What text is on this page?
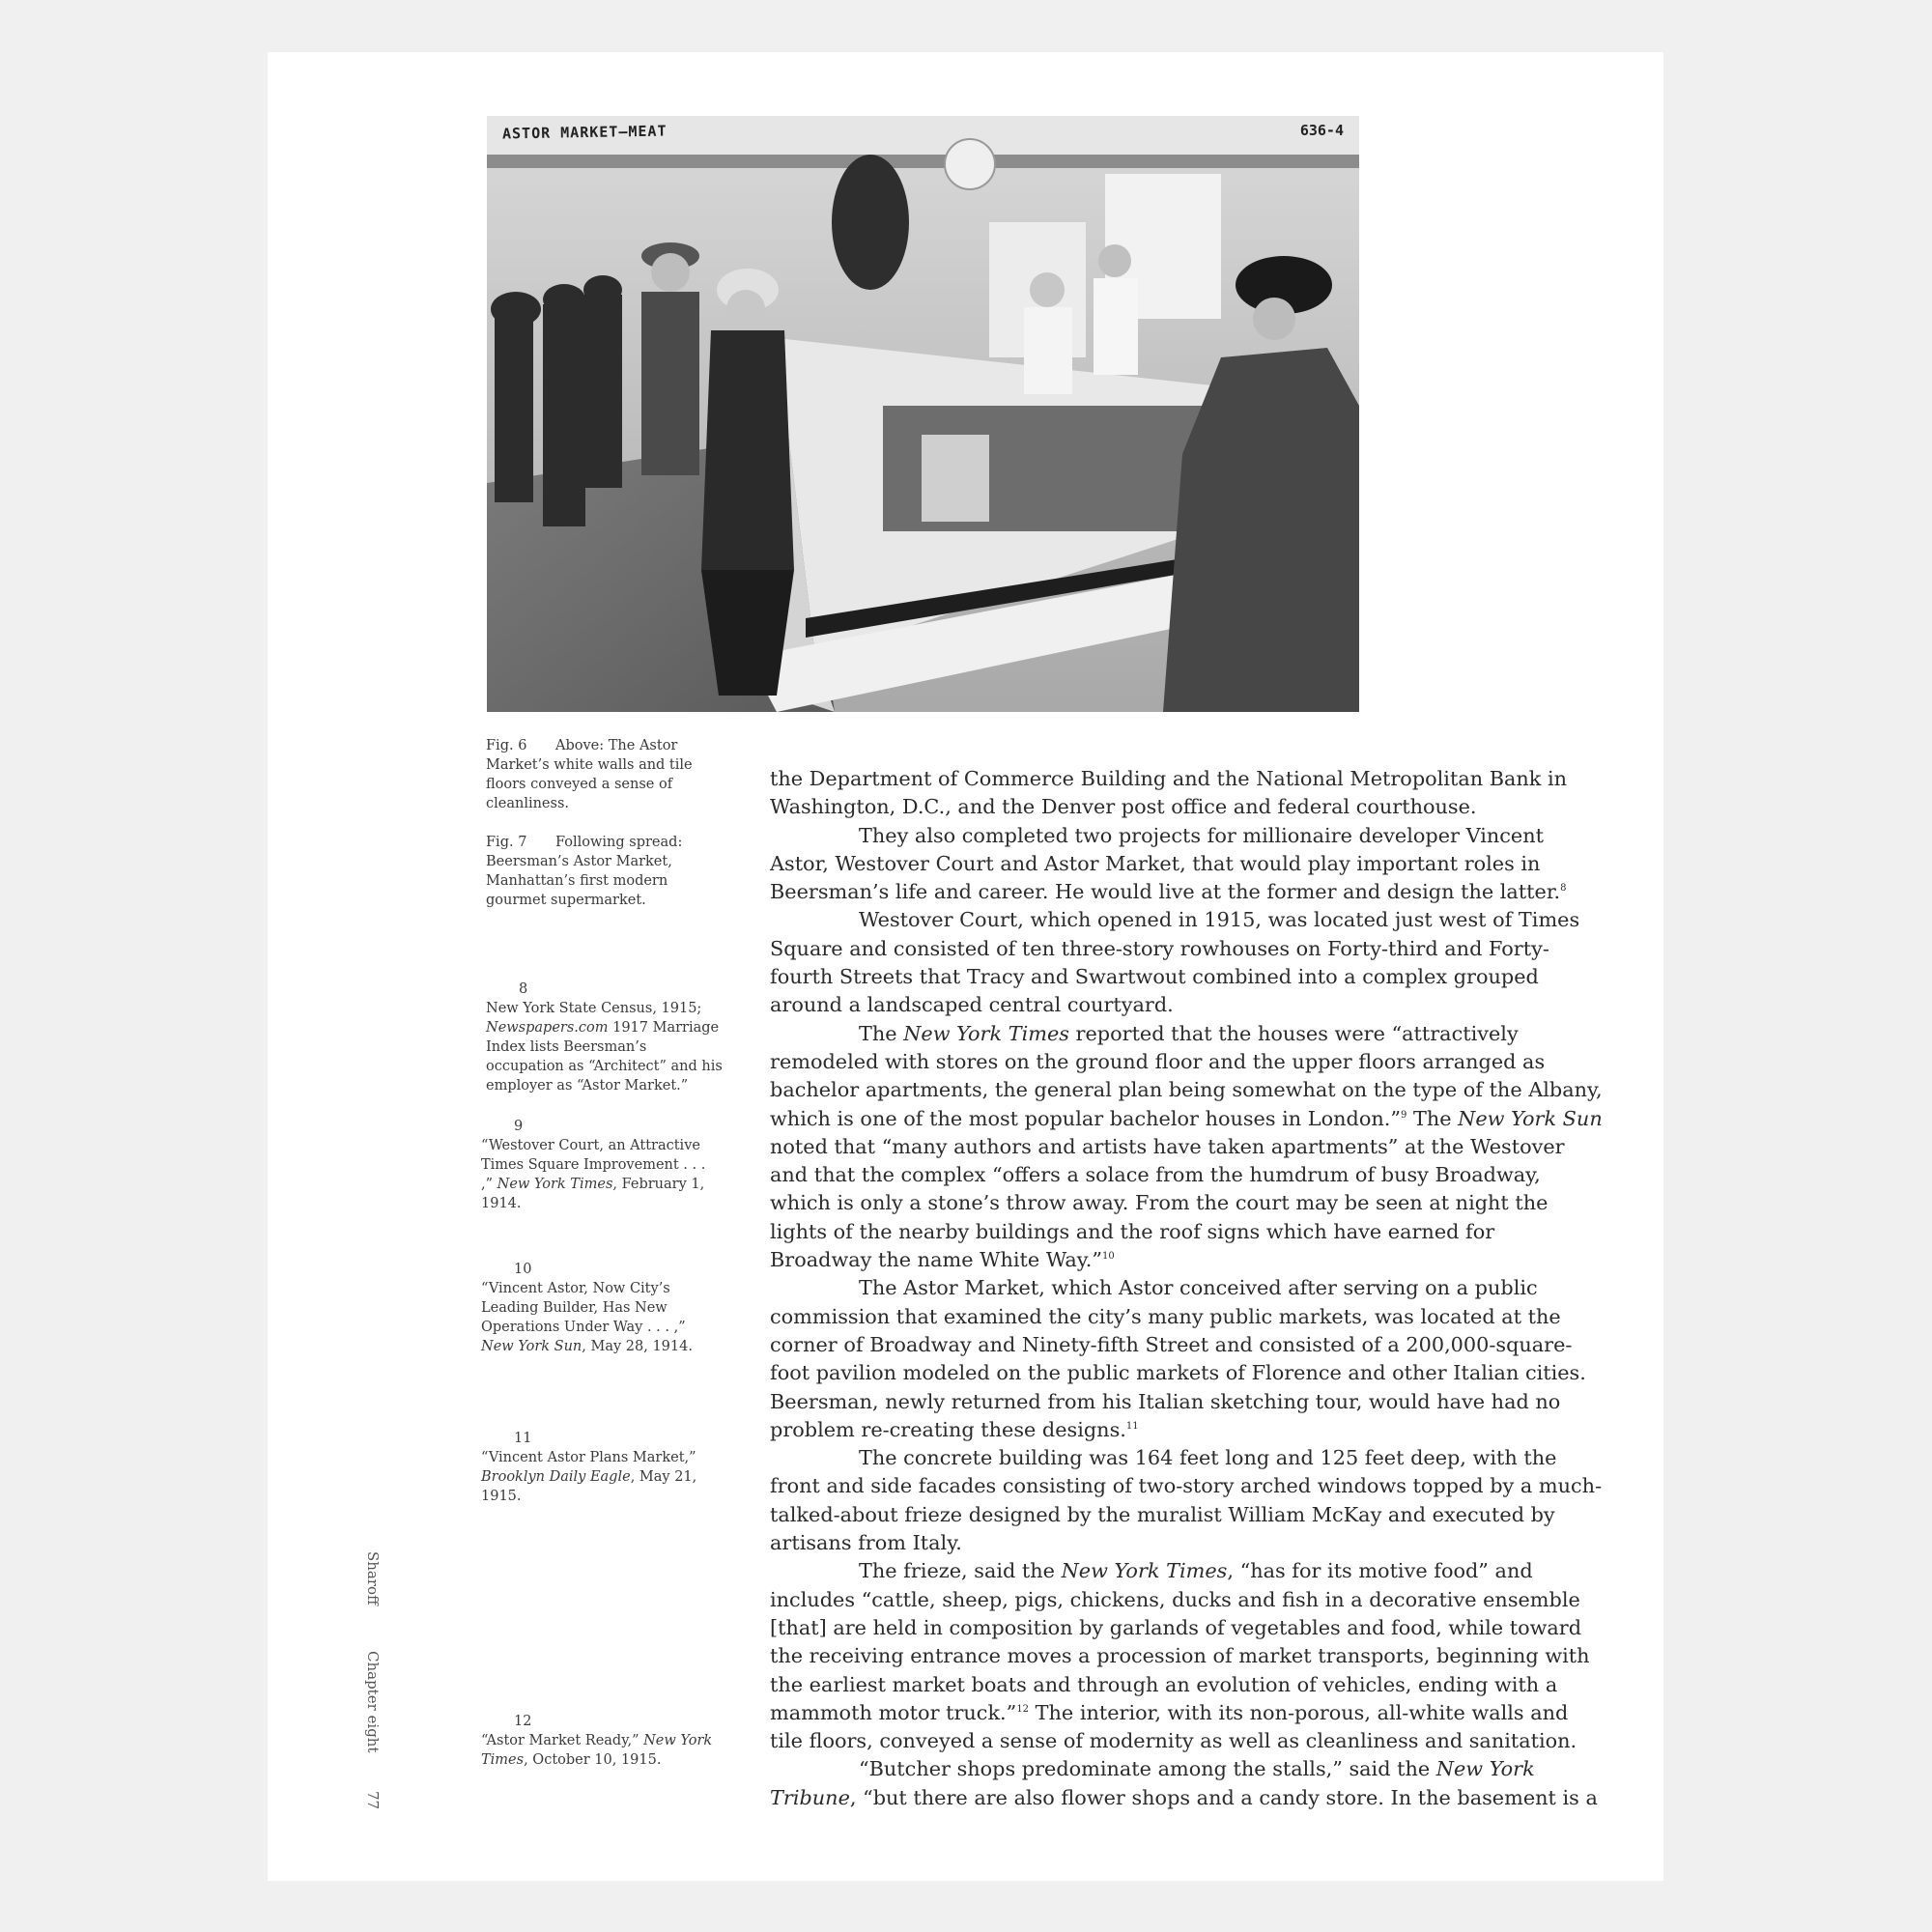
ASTOR MARKET–MEAT	636-4
Fig. 6 Above: The Astor Market’s white walls and tile floors conveyed a sense of cleanliness.
Fig. 7 Following spread: Beersman’s Astor Market, Manhattan’s first modern gourmet supermarket.
8
New York State Census, 1915; Newspapers.com 1917 Marriage Index lists Beersman’s occupation as “Architect” and his employer as “Astor Market.”
9
“Westover Court, an Attractive Times Square Improvement . . . ,” New York Times, February 1, 1914.
10
“Vincent Astor, Now City’s Leading Builder, Has New Operations Under Way . . . ,” New York Sun, May 28, 1914.
11
“Vincent Astor Plans Market,” Brooklyn Daily Eagle, May 21, 1915.
12
“Astor Market Ready,” New York Times, October 10, 1915.
Sharoff
Chapter eight
77

the Department of Commerce Building and the National Metropolitan Bank in Washington, D.C., and the Denver post office and federal courthouse.

They also completed two projects for millionaire developer Vincent Astor, Westover Court and Astor Market, that would play important roles in Beersman’s life and career. He would live at the former and design the latter.$^8$

Westover Court, which opened in 1915, was located just west of Times Square and consisted of ten three-story rowhouses on Forty-third and Forty-fourth Streets that Tracy and Swartwout combined into a complex grouped around a landscaped central courtyard.

The New York Times reported that the houses were “attractively remodeled with stores on the ground floor and the upper floors arranged as bachelor apartments, the general plan being somewhat on the type of the Albany, which is one of the most popular bachelor houses in London.”$^9$ The New York Sun noted that “many authors and artists have taken apartments” at the Westover and that the complex “offers a solace from the humdrum of busy Broadway, which is only a stone’s throw away. From the court may be seen at night the lights of the nearby buildings and the roof signs which have earned for Broadway the name White Way.”$^{10}$

The Astor Market, which Astor conceived after serving on a public commission that examined the city’s many public markets, was located at the corner of Broadway and Ninety-fifth Street and consisted of a 200,000-square-foot pavilion modeled on the public markets of Florence and other Italian cities. Beersman, newly returned from his Italian sketching tour, would have had no problem re-creating these designs.$^{11}$

The concrete building was 164 feet long and 125 feet deep, with the front and side facades consisting of two-story arched windows topped by a much-talked-about frieze designed by the muralist William McKay and executed by artisans from Italy.

The frieze, said the New York Times, “has for its motive food” and includes “cattle, sheep, pigs, chickens, ducks and fish in a decorative ensemble [that] are held in composition by garlands of vegetables and food, while toward the receiving entrance moves a procession of market transports, beginning with the earliest market boats and through an evolution of vehicles, ending with a mammoth motor truck.”$^{12}$ The interior, with its non-porous, all-white walls and tile floors, conveyed a sense of modernity as well as cleanliness and sanitation.

“Butcher shops predominate among the stalls,” said the New York Tribune, “but there are also flower shops and a candy store. In the basement is a
